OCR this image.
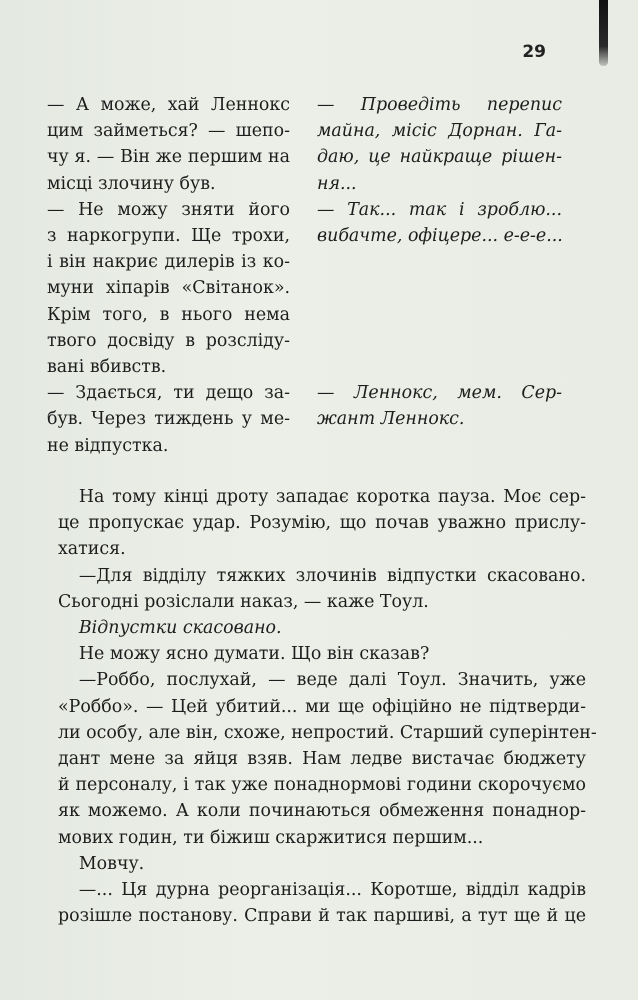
29
— А може, хай Леннокс
цим займеться? — шепо-
чу я. — Він же першим на
місці злочину був.
— Не можу зняти його
з наркогрупи. Ще трохи,
і він накриє дилерів із ко-
муни хіпарів «Світанок».
Крім того, в нього нема
твого досвіду в розсліду-
вані вбивств.
— Здається, ти дещо за-
був. Через тиждень у ме-
не відпустка.
— Проведіть перепис
майна, місіс Дорнан. Га-
даю, це найкраще рішен-
ня...
— Так... так і зроблю...
вибачте, офіцере... е-е-е...
— Леннокс, мем. Сер-
жант Леннокс.
На тому кінці дроту западає коротка пауза. Моє сер-
це пропускає удар. Розумію, що почав уважно прислу-
хатися.
—Для відділу тяжких злочинів відпустки скасовано.
Сьогодні розіслали наказ, — каже Тоул.
Відпустки скасовано.
Не можу ясно думати. Що він сказав?
—Роббо, послухай, — веде далі Тоул. Значить, уже
«Роббо». — Цей убитий... ми ще офіційно не підтверди-
ли особу, але він, схоже, непростий. Старший суперінтен-
дант мене за яйця взяв. Нам ледве вистачає бюджету
й персоналу, і так уже понаднормові години скорочуємо
як можемо. А коли починаються обмеження понаднор-
мових годин, ти біжиш скаржитися першим...
Мовчу.
—... Ця дурна реорганізація... Коротше, відділ кадрів
розішле постанову. Справи й так паршиві, а тут ще й це
